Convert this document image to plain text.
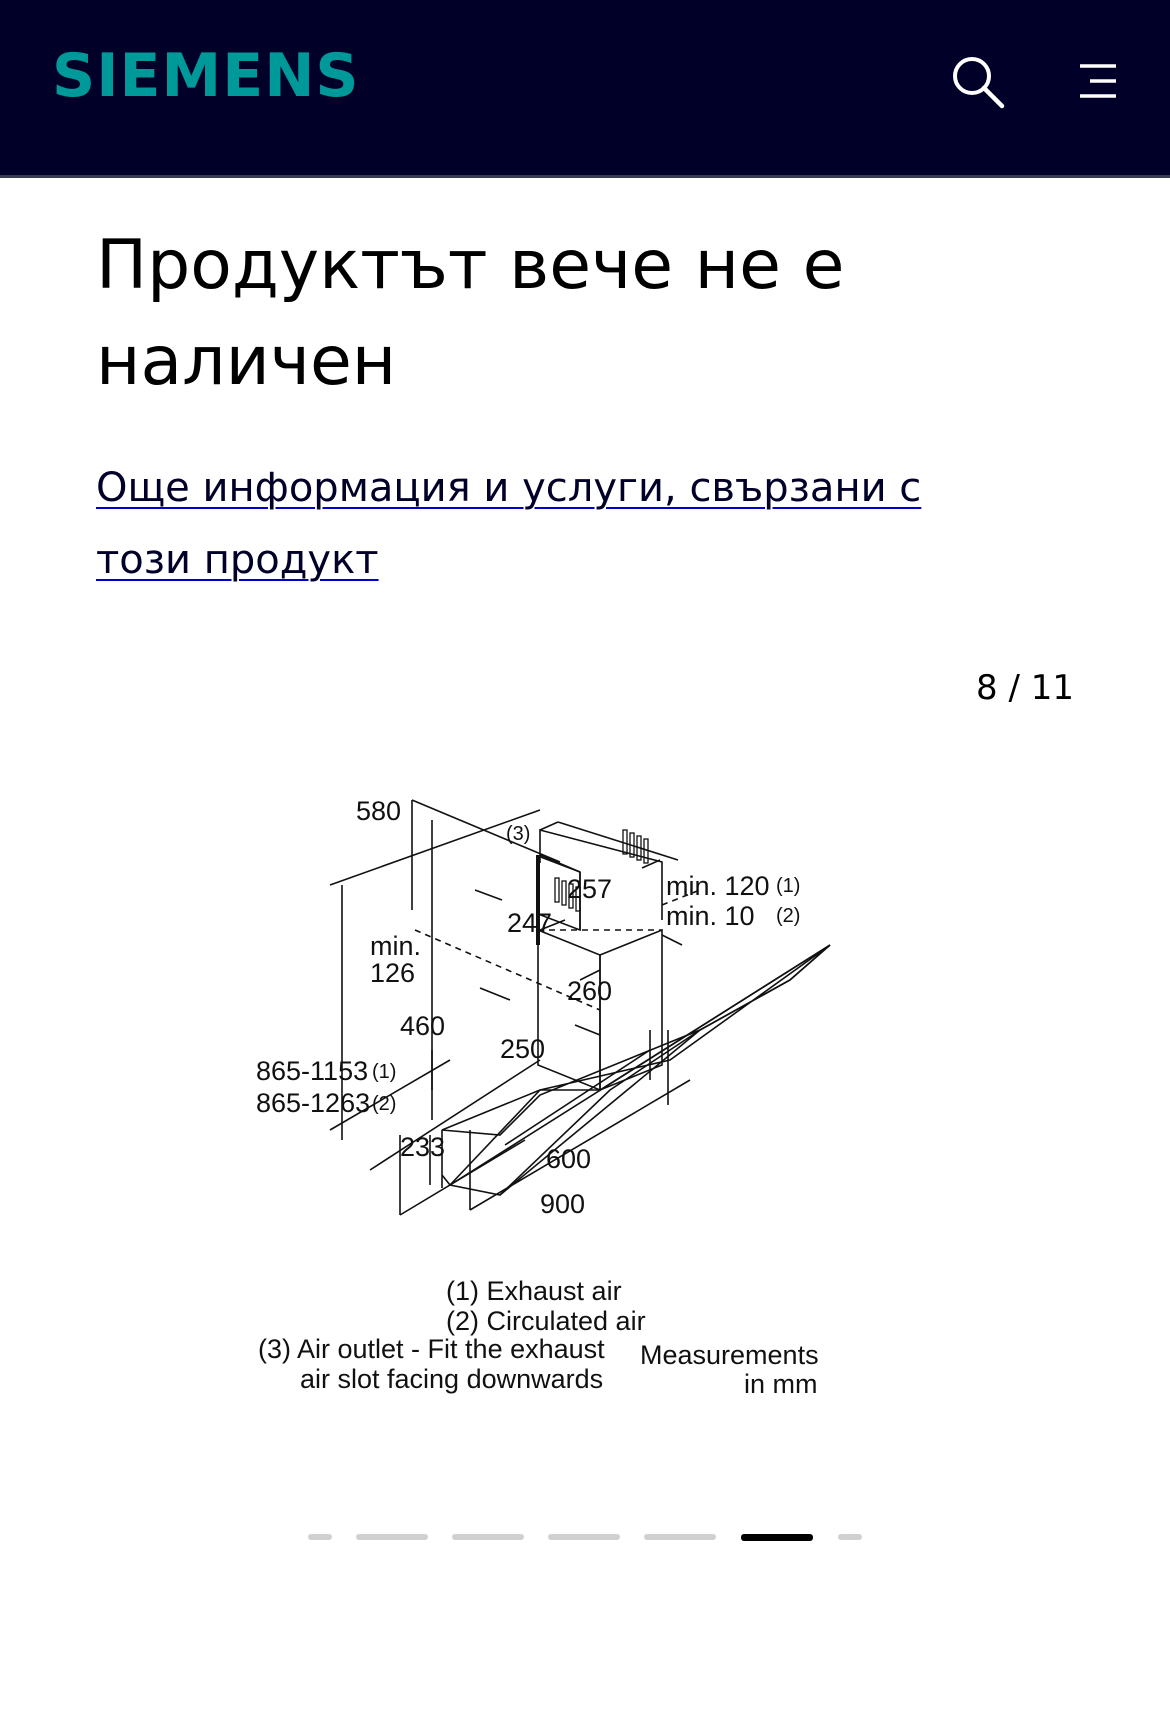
SIEMENS
Продуктът вече не е наличен
Още информация и услуги, свързани с този продукт
8 / 11
580
(3)
257
247
min. 120 (1)
min. 10 (2)
min.
126
260
460
250
865-1153 (1)
865-1263 (2)
233	600
900
(1) Exhaust air
(2) Circulated air
(3) Air outlet - Fit the exhaust
air slot facing downwards
Measurements
in mm
